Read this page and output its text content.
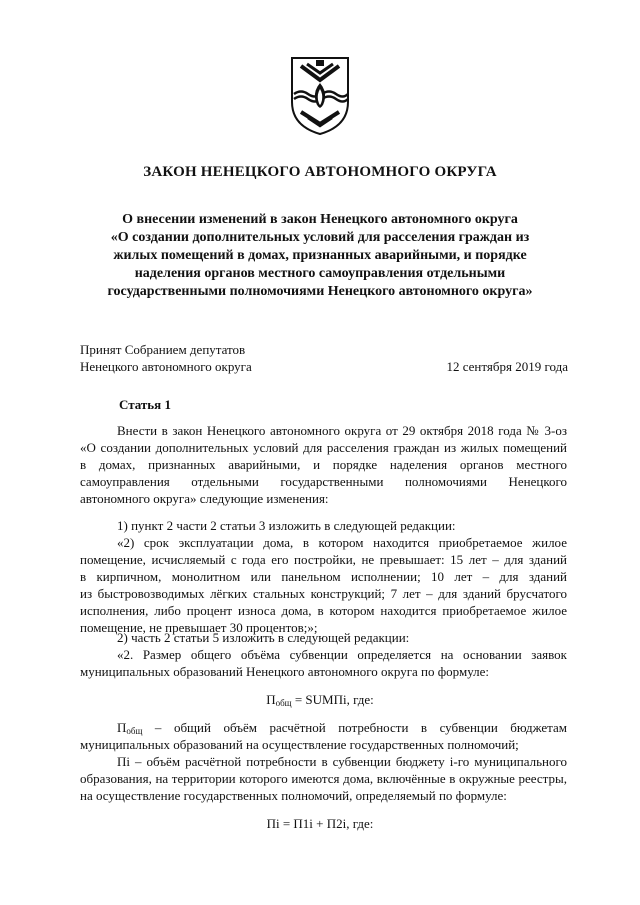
ЗАКОН НЕНЕЦКОГО АВТОНОМНОГО ОКРУГА
О внесении изменений в закон Ненецкого автономного округа
«О создании дополнительных условий для расселения граждан из
жилых помещений в домах, признанных аварийными, и порядке
наделения органов местного самоуправления отдельными
государственными полномочиями Ненецкого автономного округа»
Принят Собранием депутатов
Ненецкого автономного округа	12 сентября 2019 года
Статья 1
Внести в закон Ненецкого автономного округа от 29 октября 2018 года № 3-оз
«О создании дополнительных условий для расселения граждан из жилых помещений
в домах, признанных аварийными, и порядке наделения органов местного
самоуправления отдельными государственными полномочиями Ненецкого
автономного округа» следующие изменения:
1) пункт 2 части 2 статьи 3 изложить в следующей редакции:
«2) срок эксплуатации дома, в котором находится приобретаемое жилое
помещение, исчисляемый с года его постройки, не превышает: 15 лет – для зданий
в кирпичном, монолитном или панельном исполнении; 10 лет – для зданий
из быстровозводимых лёгких стальных конструкций; 7 лет – для зданий брусчатого
исполнения, либо процент износа дома, в котором находится приобретаемое жилое
помещение, не превышает 30 процентов;»;
2) часть 2 статьи 5 изложить в следующей редакции:
«2. Размер общего объёма субвенции определяется на основании заявок
муниципальных образований Ненецкого автономного округа по формуле:
$П_{общ}$ = SUMПi, где:
$П_{общ}$ – общий объём расчётной потребности в субвенции бюджетам
муниципальных образований на осуществление государственных полномочий;
Пi – объём расчётной потребности в субвенции бюджету i-го муниципального
образования, на территории которого имеются дома, включённые в окружные реестры,
на осуществление государственных полномочий, определяемый по формуле:
Пi = П1i + П2i, где:
